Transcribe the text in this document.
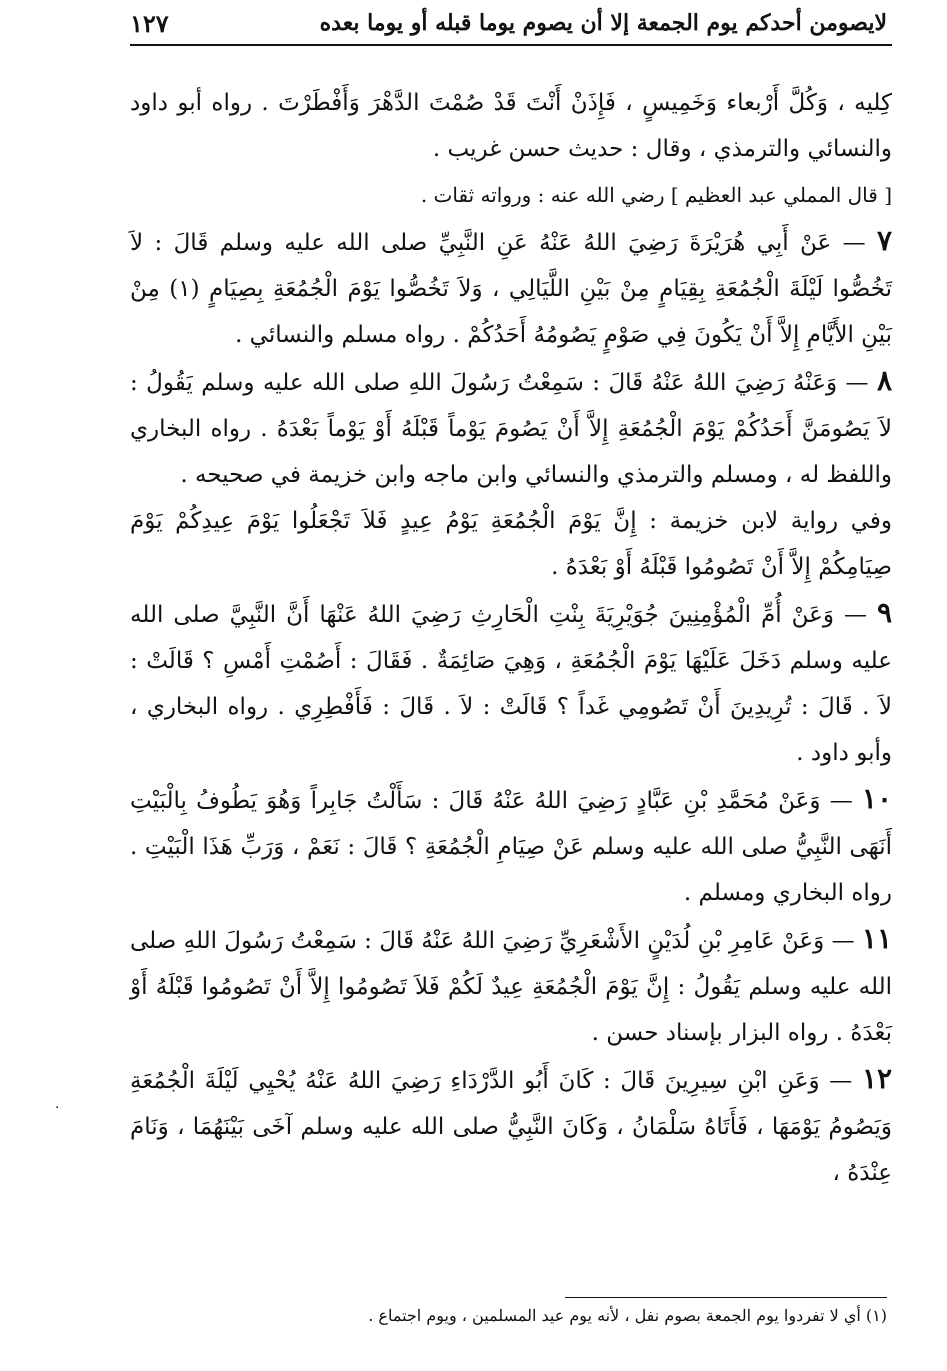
لايصومن أحدكم يوم الجمعة إلا أن يصوم يوما قبله أو يوما بعده
١٢٧

كِليه ، وَكُلَّ أَرْبعاء وَخَمِيسٍ ، فَإِذَنْ أَنْتَ قَدْ صُمْتَ الدَّهْرَ وَأَفْطَرْتَ . رواه أبو داود والنسائي والترمذي ، وقال : حديث حسن غريب .

[ قال المملي عبد العظيم ] رضي الله عنه : ورواته ثقات .

٧ — عَنْ أَبِي هُرَيْرَةَ رَضِيَ اللهُ عَنْهُ عَنِ النَّبِيِّ صلى الله عليه وسلم قَالَ : لاَ تَخُصُّوا لَيْلَةَ الْجُمُعَةِ بِقِيَامٍ مِنْ بَيْنِ اللَّيَالِي ، وَلاَ تَخُصُّوا يَوْمَ الْجُمُعَةِ بِصِيَامٍ (١) مِنْ بَيْنِ الأَيَّامِ إِلاَّ أَنْ يَكُونَ فِي صَوْمٍ يَصُومُهُ أَحَدُكُمْ . رواه مسلم والنسائي .

٨ — وَعَنْهُ رَضِيَ اللهُ عَنْهُ قَالَ : سَمِعْتُ رَسُولَ اللهِ صلى الله عليه وسلم يَقُولُ : لاَ يَصُومَنَّ أَحَدُكُمْ يَوْمَ الْجُمُعَةِ إِلاَّ أَنْ يَصُومَ يَوْماً قَبْلَهُ أَوْ يَوْماً بَعْدَهُ . رواه البخاري واللفظ له ، ومسلم والترمذي والنسائي وابن ماجه وابن خزيمة في صحيحه .

وفي رواية لابن خزيمة : إِنَّ يَوْمَ الْجُمُعَةِ يَوْمُ عِيدٍ فَلاَ تَجْعَلُوا يَوْمَ عِيدِكُمْ يَوْمَ صِيَامِكُمْ إِلاَّ أَنْ تَصُومُوا قَبْلَهُ أَوْ بَعْدَهُ .

٩ — وَعَنْ أُمِّ الْمُؤْمِنِينَ جُوَيْرِيَةَ بِنْتِ الْحَارِثِ رَضِيَ اللهُ عَنْهَا أَنَّ النَّبِيَّ صلى الله عليه وسلم دَخَلَ عَلَيْهَا يَوْمَ الْجُمُعَةِ ، وَهِيَ صَائِمَةٌ . فَقَالَ : أَصُمْتِ أَمْسِ ؟ قَالَتْ : لاَ . قَالَ : تُرِيدِينَ أَنْ تَصُومِي غَداً ؟ قَالَتْ : لاَ . قَالَ : فَأَفْطِرِي . رواه البخاري ، وأبو داود .

١٠ — وَعَنْ مُحَمَّدِ بْنِ عَبَّادٍ رَضِيَ اللهُ عَنْهُ قَالَ : سَأَلْتُ جَابِراً وَهُوَ يَطُوفُ بِالْبَيْتِ أَنَهَى النَّبِيُّ صلى الله عليه وسلم عَنْ صِيَامِ الْجُمُعَةِ ؟ قَالَ : نَعَمْ ، وَرَبِّ هَذَا الْبَيْتِ . رواه البخاري ومسلم .

١١ — وَعَنْ عَامِرِ بْنِ لُدَيْنٍ الأَشْعَرِيِّ رَضِيَ اللهُ عَنْهُ قَالَ : سَمِعْتُ رَسُولَ اللهِ صلى الله عليه وسلم يَقُولُ : إِنَّ يَوْمَ الْجُمُعَةِ عِيدٌ لَكُمْ فَلاَ تَصُومُوا إِلاَّ أَنْ تَصُومُوا قَبْلَهُ أَوْ بَعْدَهُ . رواه البزار بإسناد حسن .

١٢ — وَعَنِ ابْنِ سِيرِينَ قَالَ : كَانَ أَبُو الدَّرْدَاءِ رَضِيَ اللهُ عَنْهُ يُحْيِي لَيْلَةَ الْجُمُعَةِ وَيَصُومُ يَوْمَهَا ، فَأَتَاهُ سَلْمَانُ ، وَكَانَ النَّبِيُّ صلى الله عليه وسلم آخَى بَيْنَهُمَا ، وَنَامَ عِنْدَهُ ،

(١) أي لا تفردوا يوم الجمعة بصوم نفل ، لأنه يوم عيد المسلمين ، ويوم اجتماع .
·
